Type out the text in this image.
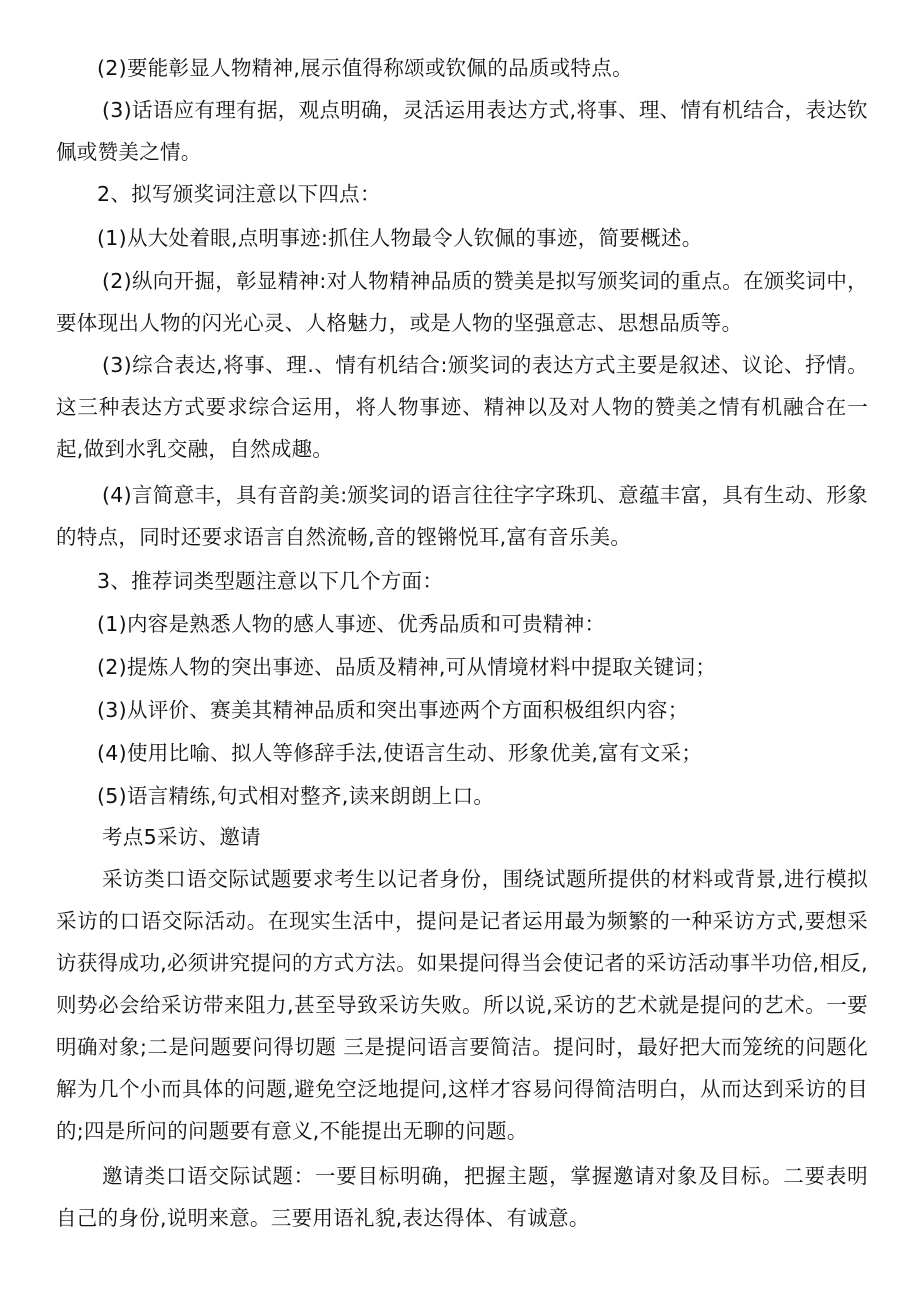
(2)要能彰显人物精神,展示值得称颂或钦佩的品质或特点。

(3)话语应有理有据，观点明确，灵活运用表达方式,将事、理、情有机结合，表达钦佩或赞美之情。

2、拟写颁奖词注意以下四点：

(1)从大处着眼,点明事迹:抓住人物最令人钦佩的事迹，简要概述。

(2)纵向开掘，彰显精神:对人物精神品质的赞美是拟写颁奖词的重点。在颁奖词中，要体现出人物的闪光心灵、人格魅力，或是人物的坚强意志、思想品质等。

(3)综合表达,将事、理.、情有机结合:颁奖词的表达方式主要是叙述、议论、抒情。这三种表达方式要求综合运用，将人物事迹、精神以及对人物的赞美之情有机融合在一起,做到水乳交融，自然成趣。

(4)言简意丰，具有音韵美:颁奖词的语言往往字字珠玑、意蕴丰富，具有生动、形象的特点，同时还要求语言自然流畅,音的铿锵悦耳,富有音乐美。

3、推荐词类型题注意以下几个方面：

(1)内容是熟悉人物的感人事迹、优秀品质和可贵精神：

(2)提炼人物的突出事迹、品质及精神,可从情境材料中提取关键词；

(3)从评价、赛美其精神品质和突出事迹两个方面积极组织内容；

(4)使用比喻、拟人等修辞手法,使语言生动、形象优美,富有文采；

(5)语言精练,句式相对整齐,读来朗朗上口。

考点5采访、邀请

采访类口语交际试题要求考生以记者身份，围绕试题所提供的材料或背景,进行模拟采访的口语交际活动。在现实生活中，提问是记者运用最为频繁的一种采访方式,要想采访获得成功,必须讲究提问的方式方法。如果提问得当会使记者的采访活动事半功倍,相反,则势必会给采访带来阻力,甚至导致采访失败。所以说,采访的艺术就是提问的艺术。一要明确对象;二是问题要问得切题 三是提问语言要简洁。提问时，最好把大而笼统的问题化解为几个小而具体的问题,避免空泛地提问,这样才容易问得简洁明白，从而达到采访的目的;四是所问的问题要有意义,不能提出无聊的问题。

邀请类口语交际试题：一要目标明确，把握主题，掌握邀请对象及目标。二要表明自己的身份,说明来意。三要用语礼貌,表达得体、有诚意。
